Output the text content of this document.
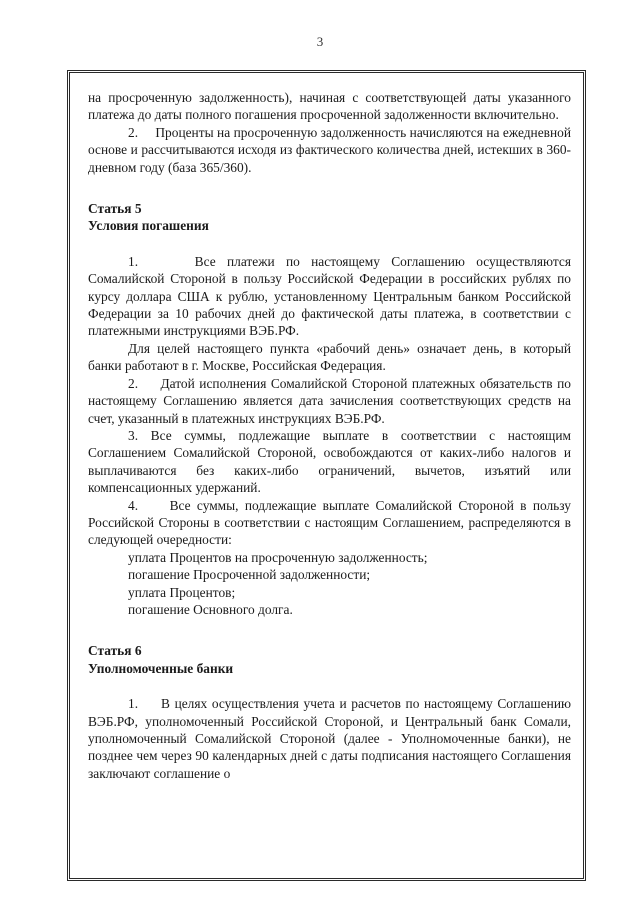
3

на просроченную задолженность), начиная с соответствующей даты указанного платежа до даты полного погашения просроченной задолженности включительно.

2.     Проценты на просроченную задолженность начисляются на ежедневной основе и рассчитываются исходя из фактического количества дней, истекших в 360-дневном году (база 365/360).

Статья 5

Условия погашения

1.     Все платежи по настоящему Соглашению осуществляются Сомалийской Стороной в пользу Российской Федерации в российских рублях по курсу доллара США к рублю, установленному Центральным банком Российской Федерации за 10 рабочих дней до фактической даты платежа, в соответствии с платежными инструкциями ВЭБ.РФ.

Для целей настоящего пункта «рабочий день» означает день, в который банки работают в г. Москве, Российская Федерация.

2.     Датой исполнения Сомалийской Стороной платежных обязательств по настоящему Соглашению является дата зачисления соответствующих средств на счет, указанный в платежных инструкциях ВЭБ.РФ.

3. Все суммы, подлежащие выплате в соответствии с настоящим Соглашением Сомалийской Стороной, освобождаются от каких-либо налогов и выплачиваются без каких-либо ограничений, вычетов, изъятий или компенсационных удержаний.

4.     Все суммы, подлежащие выплате Сомалийской Стороной в пользу Российской Стороны в соответствии с настоящим Соглашением, распределяются в следующей очередности:

уплата Процентов на просроченную задолженность;

погашение Просроченной задолженности;

уплата Процентов;

погашение Основного долга.

Статья 6

Уполномоченные банки

1.     В целях осуществления учета и расчетов по настоящему Соглашению ВЭБ.РФ, уполномоченный Российской Стороной, и Центральный банк Сомали, уполномоченный Сомалийской Стороной (далее - Уполномоченные банки), не позднее чем через 90 календарных дней с даты подписания настоящего Соглашения заключают соглашение о
